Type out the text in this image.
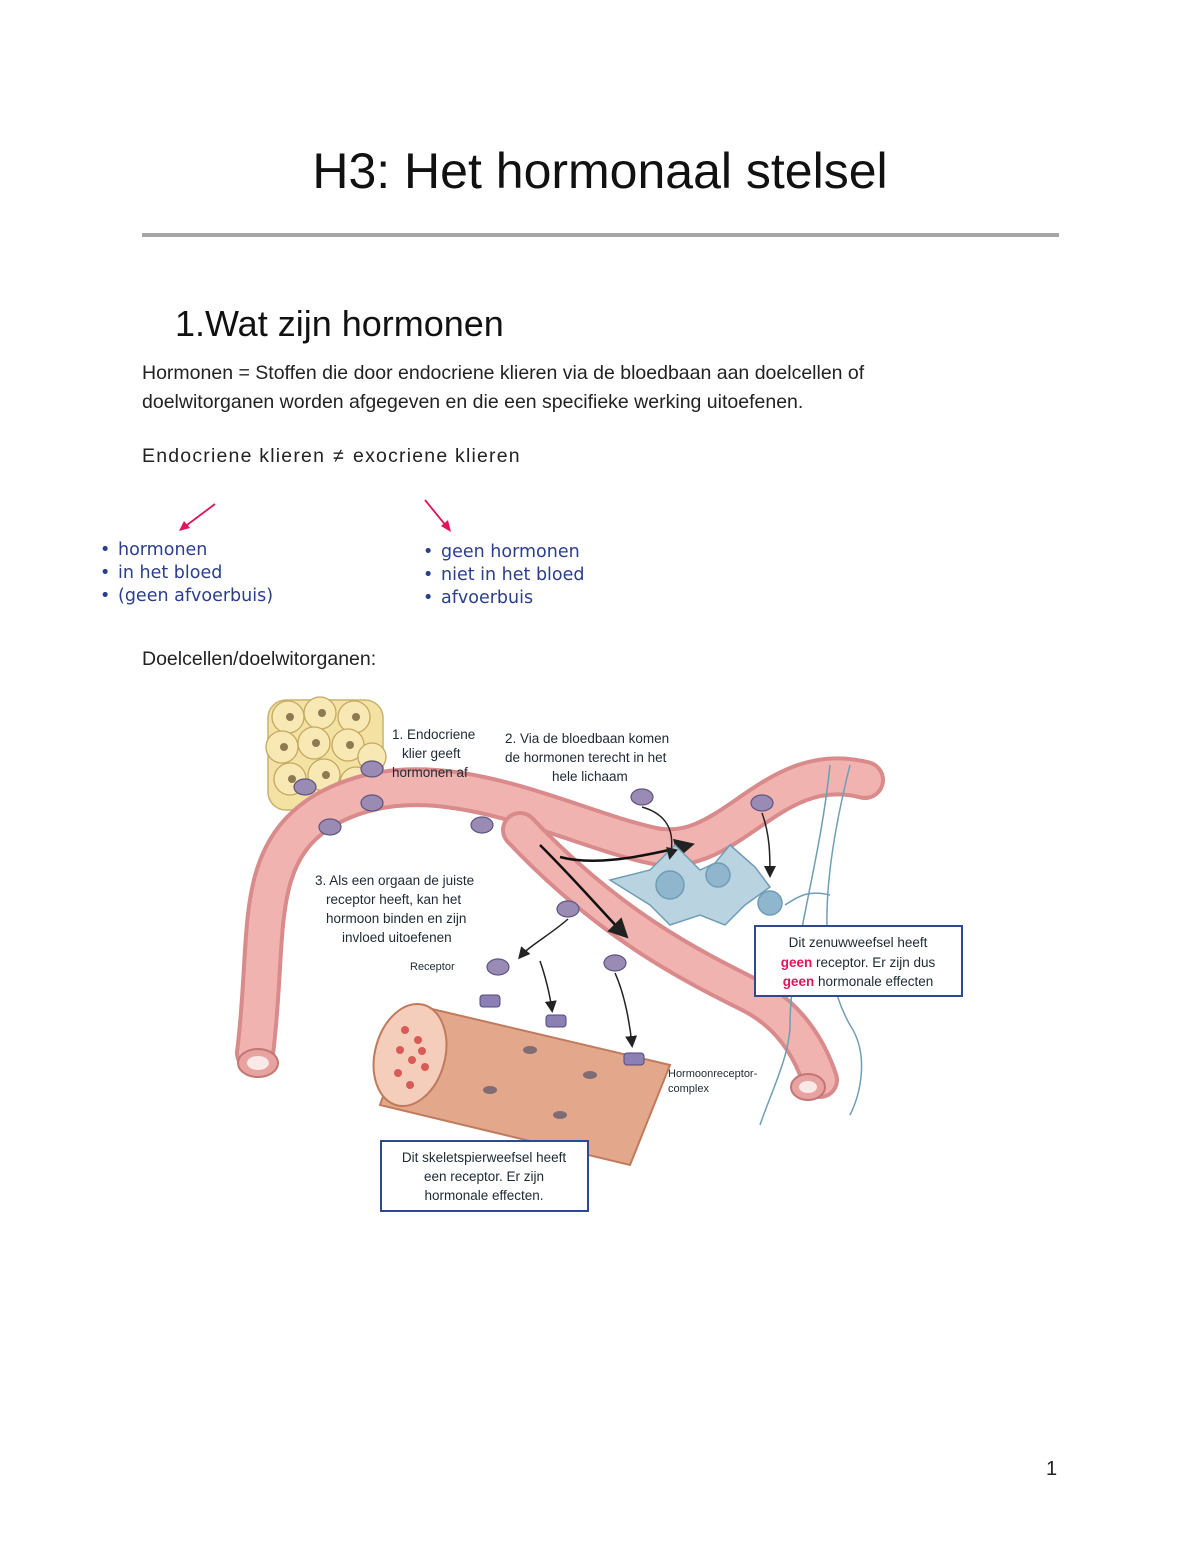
H3: Het hormonaal stelsel
1.Wat zijn hormonen

Hormonen = Stoffen die door endocriene klieren via de bloedbaan aan doelcellen of

doelwitorganen worden afgegeven en die een specifieke werking uitoefenen.

Endocriene klieren ≠ exocriene klieren
• hormonen
• in het bloed
• (geen afvoerbuis)
• geen hormonen
• niet in het bloed
• afvoerbuis
Doelcellen/doelwitorganen:
1. Endocriene
klier geeft
hormonen af
2. Via de bloedbaan komen
de hormonen terecht in het
hele lichaam
3. Als een orgaan de juiste
receptor heeft, kan het
hormoon binden en zijn
invloed uitoefenen
Receptor
Hormoonreceptor-
complex
Dit zenuwweefsel heeft
geen receptor. Er zijn dus
geen hormonale effecten
Dit skeletspierweefsel heeft
een receptor. Er zijn
hormonale effecten.
1
